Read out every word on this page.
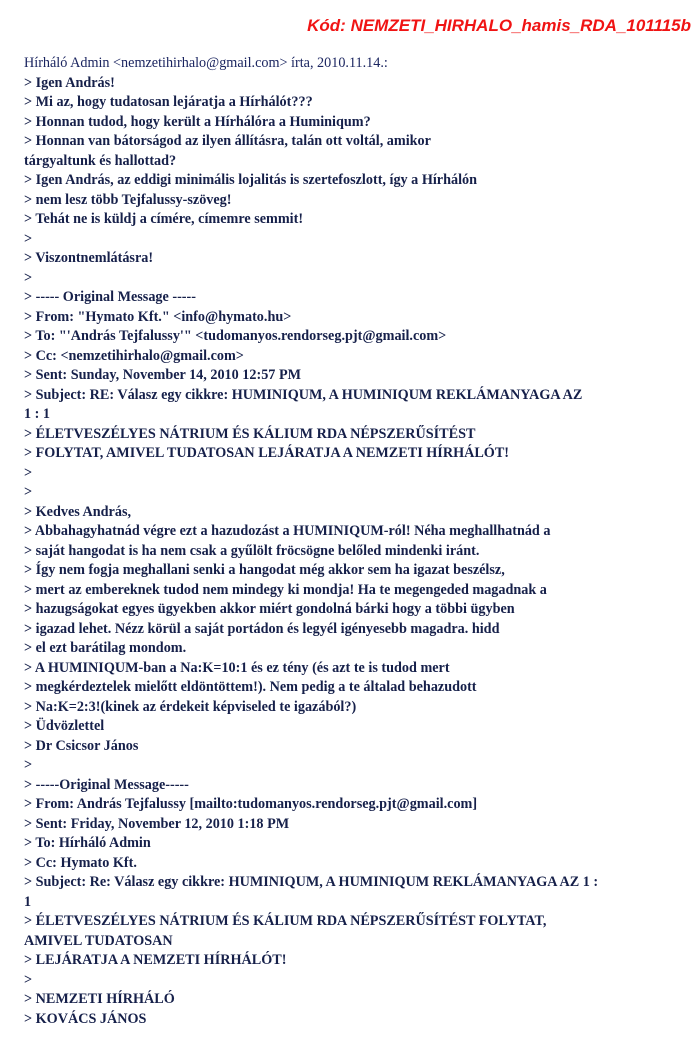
Kód: NEMZETI_HIRHALO_hamis_RDA_101115b
Hírháló Admin <nemzetihirhalo@gmail.com> írta, 2010.11.14.:
> Igen András!
> Mi az, hogy tudatosan lejáratja a Hírhálót???
> Honnan tudod, hogy került a Hírhálóra a Huminiqum?
> Honnan van bátorságod az ilyen állításra, talán ott voltál, amikor
tárgyaltunk és hallottad?
> Igen András, az eddigi minimális lojalitás is szertefoszlott, így a Hírhálón
> nem lesz több Tejfalussy-szöveg!
> Tehát ne is küldj a címére, címemre semmit!
>
> Viszontnemlátásra!
>
> ----- Original Message -----
> From: "Hymato Kft." <info@hymato.hu>
> To: "'András Tejfalussy'" <tudomanyos.rendorseg.pjt@gmail.com>
> Cc: <nemzetihirhalo@gmail.com>
> Sent: Sunday, November 14, 2010 12:57 PM
> Subject: RE: Válasz egy cikkre: HUMINIQUM, A HUMINIQUM REKLÁMANYAGA AZ
1 : 1
> ÉLETVESZÉLYES NÁTRIUM ÉS KÁLIUM RDA NÉPSZERŰSÍTÉST
> FOLYTAT, AMIVEL TUDATOSAN LEJÁRATJA A NEMZETI HÍRHÁLÓT!
>
>
> Kedves András,
> Abbahagyhatnád végre ezt a hazudozást a HUMINIQUM-ról! Néha meghallhatnád a
> saját hangodat is ha nem csak a gyűlölt fröcsögne belőled mindenki iránt.
> Így nem fogja meghallani senki a hangodat még akkor sem ha igazat beszélsz,
> mert az embereknek tudod nem mindegy ki mondja! Ha te megengeded magadnak a
> hazugságokat egyes ügyekben akkor miért gondolná bárki hogy a többi ügyben
> igazad lehet. Nézz körül a saját portádon és legyél igényesebb magadra. hidd
> el ezt barátilag mondom.
> A HUMINIQUM-ban a Na:K=10:1 és ez tény (és azt te is tudod mert
> megkérdeztelek mielőtt eldöntöttem!). Nem pedig a te általad behazudott
> Na:K=2:3!(kinek az érdekeit képviseled te igazából?)
> Üdvözlettel
> Dr Csicsor János
>
> -----Original Message-----
> From: András Tejfalussy [mailto:tudomanyos.rendorseg.pjt@gmail.com]
> Sent: Friday, November 12, 2010 1:18 PM
> To: Hírháló Admin
> Cc: Hymato Kft.
> Subject: Re: Válasz egy cikkre: HUMINIQUM, A HUMINIQUM REKLÁMANYAGA AZ 1 :
1
> ÉLETVESZÉLYES NÁTRIUM ÉS KÁLIUM RDA NÉPSZERŰSÍTÉST FOLYTAT,
AMIVEL TUDATOSAN
> LEJÁRATJA A NEMZETI HÍRHÁLÓT!
>
> NEMZETI HÍRHÁLÓ
> KOVÁCS JÁNOS
